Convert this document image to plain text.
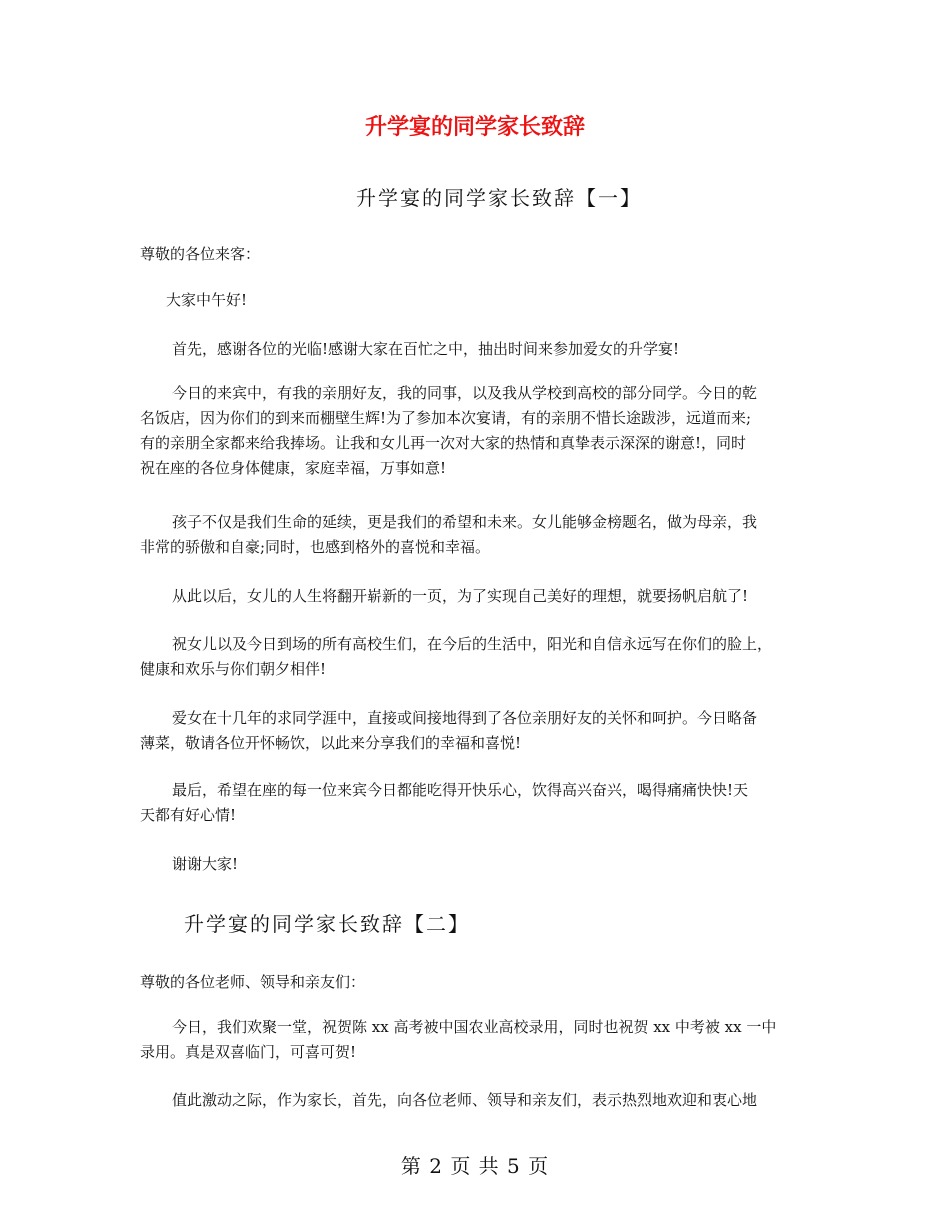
升学宴的同学家长致辞
升学宴的同学家长致辞【一】
尊敬的各位来客：
大家中午好!
首先，感谢各位的光临!感谢大家在百忙之中，抽出时间来参加爱女的升学宴!
今日的来宾中，有我的亲朋好友，我的同事，以及我从学校到高校的部分同学。今日的乾
名饭店，因为你们的到来而棚壁生辉!为了参加本次宴请，有的亲朋不惜长途跋涉，远道而来;
有的亲朋全家都来给我捧场。让我和女儿再一次对大家的热情和真挚表示深深的谢意!，同时
祝在座的各位身体健康，家庭幸福，万事如意!
孩子不仅是我们生命的延续，更是我们的希望和未来。女儿能够金榜题名，做为母亲，我
非常的骄傲和自豪;同时，也感到格外的喜悦和幸福。
从此以后，女儿的人生将翻开崭新的一页，为了实现自己美好的理想，就要扬帆启航了!
祝女儿以及今日到场的所有高校生们，在今后的生活中，阳光和自信永远写在你们的脸上，
健康和欢乐与你们朝夕相伴!
爱女在十几年的求同学涯中，直接或间接地得到了各位亲朋好友的关怀和呵护。今日略备
薄菜，敬请各位开怀畅饮，以此来分享我们的幸福和喜悦!
最后，希望在座的每一位来宾今日都能吃得开快乐心，饮得高兴奋兴，喝得痛痛快快!天
天都有好心情!
谢谢大家!
升学宴的同学家长致辞【二】
尊敬的各位老师、领导和亲友们：
今日，我们欢聚一堂，祝贺陈 xx 高考被中国农业高校录用，同时也祝贺 xx 中考被 xx 一中
录用。真是双喜临门，可喜可贺!
值此激动之际，作为家长，首先，向各位老师、领导和亲友们，表示热烈地欢迎和衷心地
第 2 页 共 5 页
